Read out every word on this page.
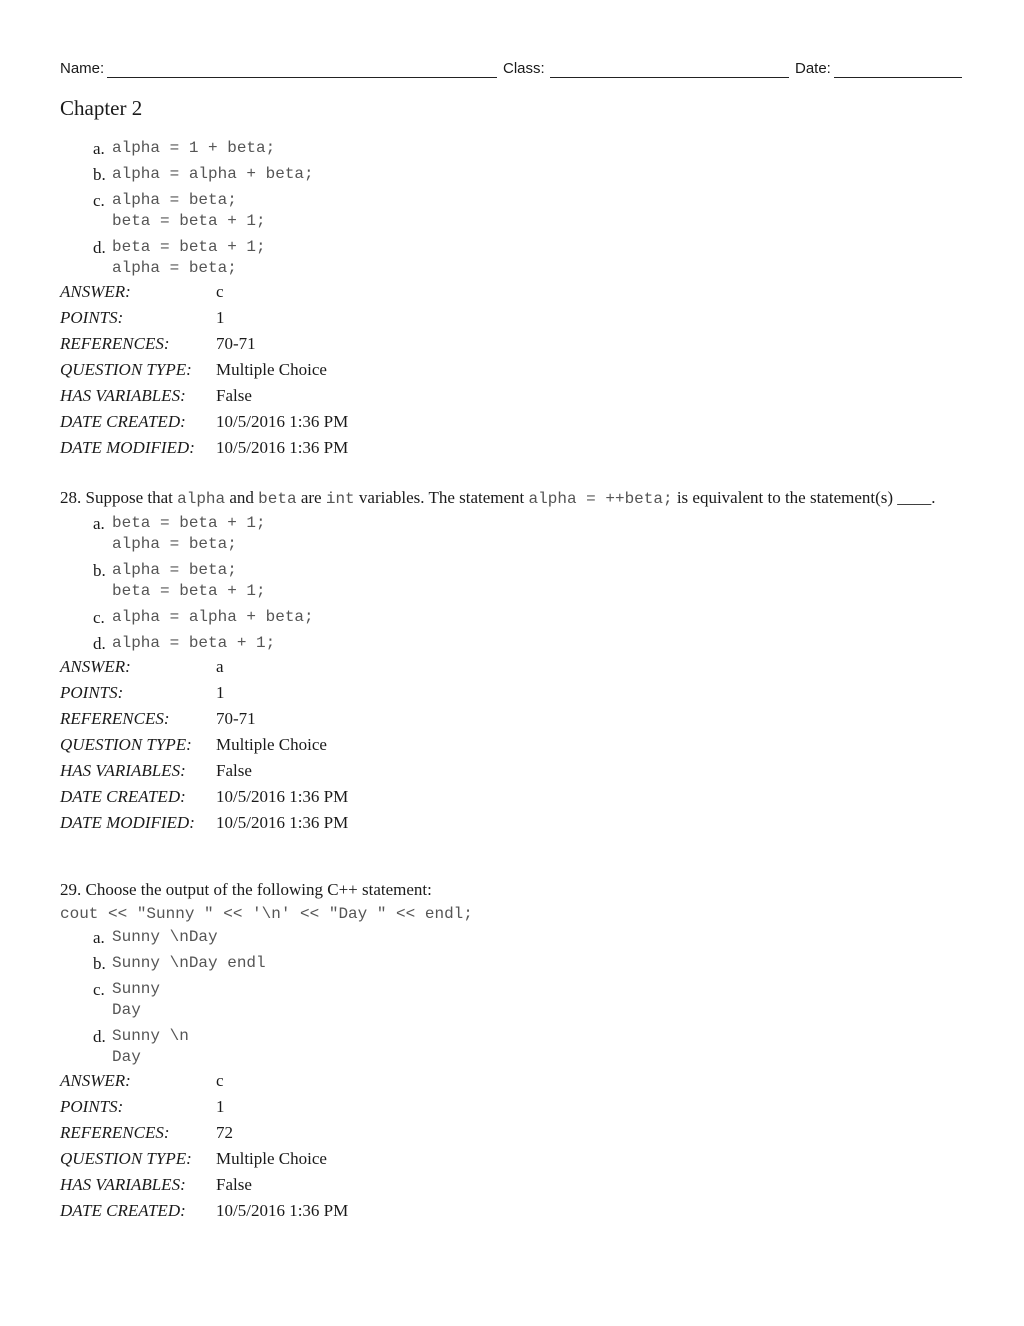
Name:	Class:	Date:
Chapter 2
a. alpha = 1 + beta;
b. alpha = alpha + beta;
c. alpha = beta;
beta = beta + 1;
d. beta = beta + 1;
alpha = beta;
ANSWER:	c
POINTS:	1
REFERENCES:	70-71
QUESTION TYPE: Multiple Choice
HAS VARIABLES: False
DATE CREATED: 10/5/2016 1:36 PM
DATE MODIFIED: 10/5/2016 1:36 PM
28. Suppose that alpha and beta are int variables. The statement alpha = ++beta; is equivalent to the statement(s) ____.
a. beta = beta + 1;
alpha = beta;
b. alpha = beta;
beta = beta + 1;
c. alpha = alpha + beta;
d. alpha = beta + 1;
ANSWER:	a
POINTS:	1
REFERENCES:	70-71
QUESTION TYPE: Multiple Choice
HAS VARIABLES: False
DATE CREATED: 10/5/2016 1:36 PM
DATE MODIFIED: 10/5/2016 1:36 PM
29. Choose the output of the following C++ statement:
cout << "Sunny " << '\n' << "Day " << endl;
a. Sunny \nDay
b. Sunny \nDay endl
c. Sunny
Day
d. Sunny \n
Day
ANSWER:	c
POINTS:	1
REFERENCES:	72
QUESTION TYPE: Multiple Choice
HAS VARIABLES: False
DATE CREATED: 10/5/2016 1:36 PM
